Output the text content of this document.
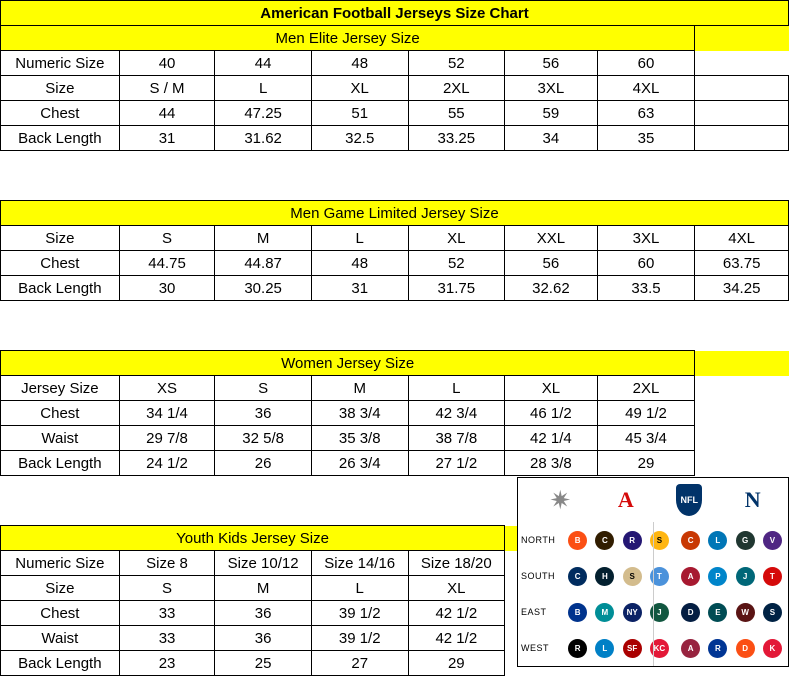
American Football Jerseys Size Chart							
Men Elite Jersey Size							
Numeric Size	40	44	48	52	56	60	
Size	S / M	L	XL	2XL	3XL	4XL	
Chest	44	47.25	51	55	59	63	
Back Length	31	31.62	32.5	33.25	34	35	

Men Game Limited Jersey Size							
Size	S	M	L	XL	XXL	3XL	4XL
Chest	44.75	44.87	48	52	56	60	63.75
Back Length	30	30.25	31	31.75	32.62	33.5	34.25

Women Jersey Size							
Jersey Size	XS	S	M	L	XL	2XL	
Chest	34 1/4	36	38 3/4	42 3/4	46 1/2	49 1/2	
Waist	29 7/8	32 5/8	35 3/8	38 7/8	42 1/4	45 3/4	
Back Length	24 1/2	26	26 3/4	27 1/2	28 3/8	29	

Youth Kids Jersey Size							
Numeric Size	Size 8	Size 10/12	Size 14/16	Size 18/20			
Size	S	M	L	XL			
Chest	33	36	39 1/2	42 1/2			
Waist	33	36	39 1/2	42 1/2			
Back Length	23	25	27	29			
✷ A	NFL N
NORTH	B	C	R	S	C	L	G	V
SOUTH	C	H	S	T	A	P	J	T
EAST	B	M	NY	J	D	E	W	S
WEST	R	L	SF	KC	A	R	D	K
